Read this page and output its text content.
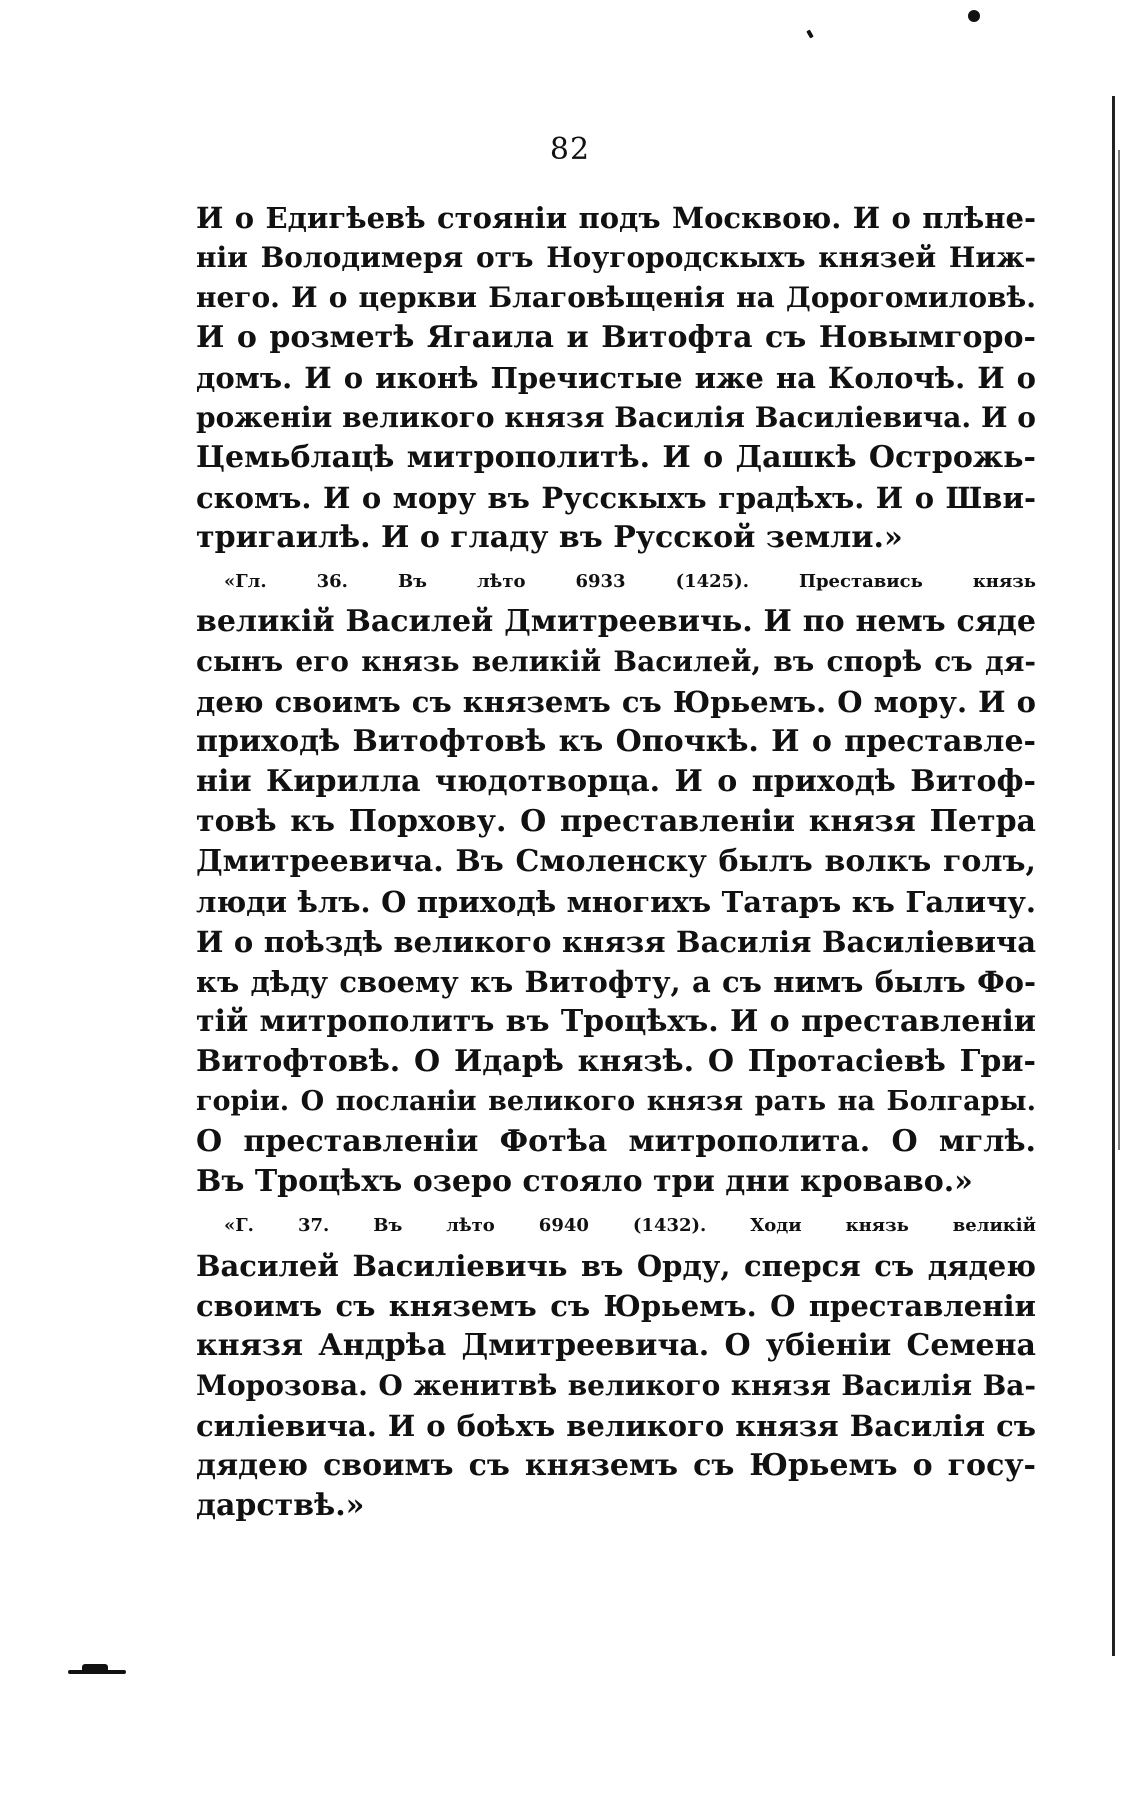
82
И о Едигѣевѣ стояніи подъ Москвою. И о плѣне-
ніи Володимеря отъ Ноугородскыхъ князей Ниж-
него. И о церкви Благовѣщенія на Дорогомиловѣ.
И о розметѣ Ягаила и Витофта съ Новымгоро-
домъ. И о иконѣ Пречистые иже на Колочѣ. И о
роженіи великого князя Василія Василіевича. И о
Цемьблацѣ митрополитѣ. И о Дашкѣ Острожь-
скомъ. И о мору въ Русскыхъ градѣхъ. И о Шви-
тригаилѣ. И о гладу въ Русской земли.»
«Гл. 36. Въ лѣто 6933 (1425). Преставись князь
великій Василей Дмитреевичь. И по немъ сяде
сынъ его князь великій Василей, въ спорѣ съ дя-
дею своимъ съ княземъ съ Юрьемъ. О мору. И о
приходѣ Витофтовѣ къ Опочкѣ. И о преставле-
ніи Кирилла чюдотворца. И о приходѣ Витоф-
товѣ къ Порхову. О преставленіи князя Петра
Дмитреевича. Въ Смоленску былъ волкъ голъ,
люди ѣлъ. О приходѣ многихъ Татаръ къ Галичу.
И о поѣздѣ великого князя Василія Василіевича
къ дѣду своему къ Витофту, а съ нимъ былъ Фо-
тій митрополитъ въ Троцѣхъ. И о преставленіи
Витофтовѣ. О Идарѣ князѣ. О Протасіевѣ Гри-
горіи. О посланіи великого князя рать на Болгары.
О преставленіи Фотѣа митрополита. О мглѣ.
Въ Троцѣхъ озеро стояло три дни кроваво.»
«Г. 37. Въ лѣто 6940 (1432). Ходи князь великій
Василей Василіевичь въ Орду, сперся съ дядею
своимъ съ княземъ съ Юрьемъ. О преставленіи
князя Андрѣа Дмитреевича. О убіеніи Семена
Морозова. О женитвѣ великого князя Василія Ва-
силіевича. И о боѣхъ великого князя Василія съ
дядею своимъ съ княземъ съ Юрьемъ о госу-
дарствѣ.»
